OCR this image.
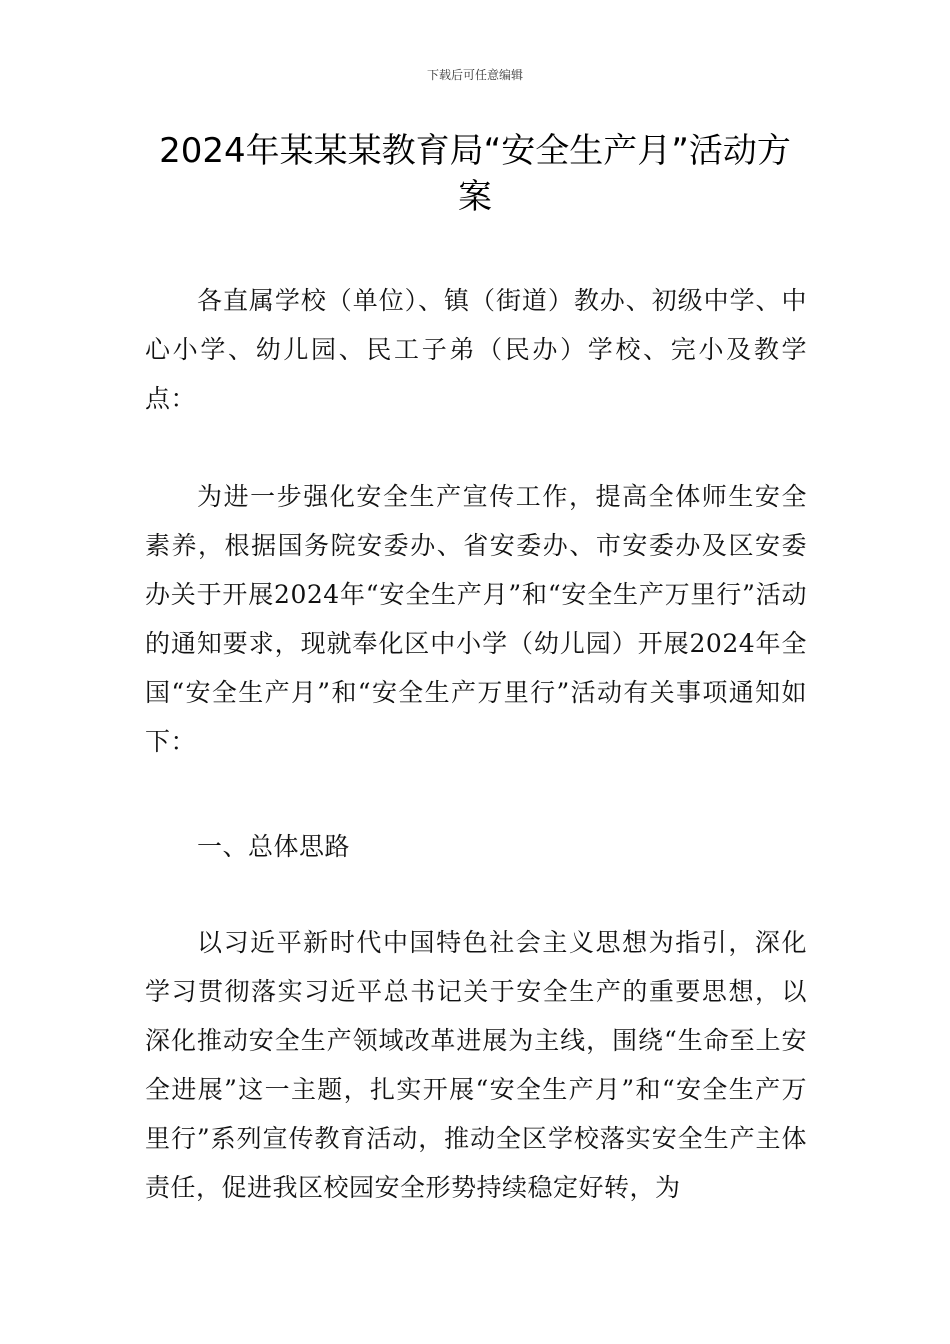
下载后可任意编辑
2024年某某某教育局“安全生产月”活动方案

各直属学校（单位）、镇（街道）教办、初级中学、中心小学、幼儿园、民工子弟（民办）学校、完小及教学点：

为进一步强化安全生产宣传工作，提高全体师生安全素养，根据国务院安委办、省安委办、市安委办及区安委办关于开展2024年“安全生产月”和“安全生产万里行”活动的通知要求，现就奉化区中小学（幼儿园）开展2024年全国“安全生产月”和“安全生产万里行”活动有关事项通知如下：

一、总体思路

以习近平新时代中国特色社会主义思想为指引，深化学习贯彻落实习近平总书记关于安全生产的重要思想，以深化推动安全生产领域改革进展为主线，围绕“生命至上安全进展”这一主题，扎实开展“安全生产月”和“安全生产万里行”系列宣传教育活动，推动全区学校落实安全生产主体责任，促进我区校园安全形势持续稳定好转，为
